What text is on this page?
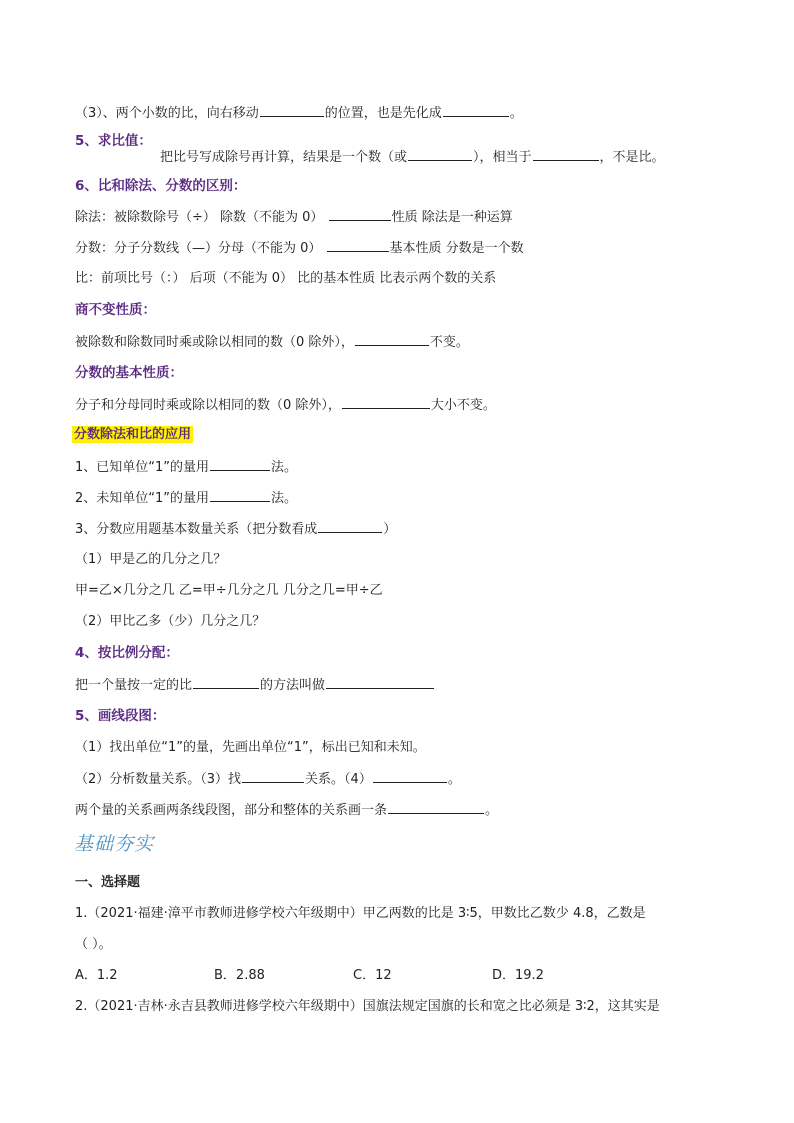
（3）、两个小数的比，向右移动	的位置，也是先化成	。
5、求比值：
把比号写成除号再计算，结果是一个数（或	），相当于	，不是比。
6、比和除法、分数的区别：
除法：被除数除号（÷） 除数（不能为 0）	性质 除法是一种运算
分数：分子分数线（—）分母（不能为 0）	基本性质 分数是一个数
比：前项比号（：） 后项（不能为 0） 比的基本性质 比表示两个数的关系
商不变性质：
被除数和除数同时乘或除以相同的数（0 除外），	不变。
分数的基本性质：
分子和分母同时乘或除以相同的数（0 除外），	大小不变。
分数除法和比的应用
1、已知单位“1”的量用	法。
2、未知单位“1”的量用	法。
3、分数应用题基本数量关系（把分数看成	）
（1）甲是乙的几分之几？
甲=乙×几分之几 乙=甲÷几分之几 几分之几=甲÷乙
（2）甲比乙多（少）几分之几？
4、按比例分配：
把一个量按一定的比	的方法叫做
5、画线段图：
（1）找出单位“1”的量，先画出单位“1”，标出已知和未知。
（2）分析数量关系。（3）找	关系。（4）	。
两个量的关系画两条线段图，部分和整体的关系画一条	。
基础夯实
一、选择题
1.（2021·福建·漳平市教师进修学校六年级期中）甲乙两数的比是 3∶5，甲数比乙数少 4.8，乙数是
（ ）。
A．1.2	B．2.88	C．12	D．19.2
2.（2021·吉林·永吉县教师进修学校六年级期中）国旗法规定国旗的长和宽之比必须是 3∶2，这其实是
